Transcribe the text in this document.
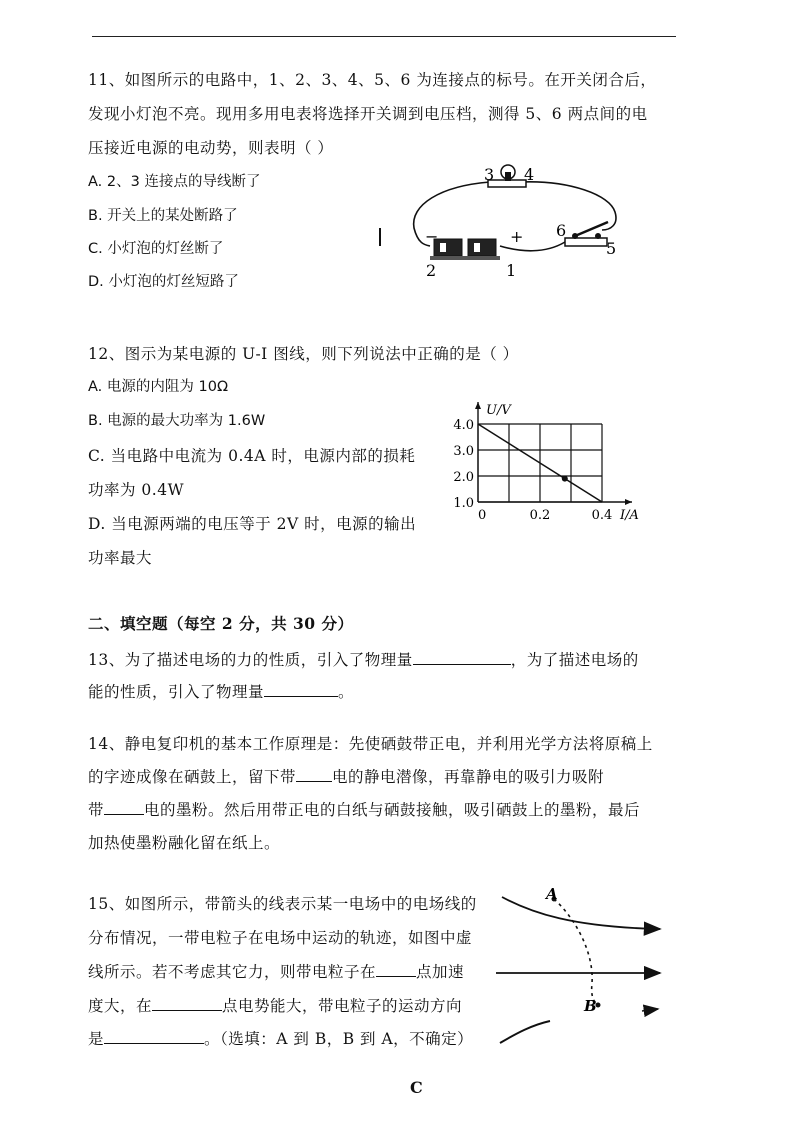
11、如图所示的电路中，1、2、3、4、5、6 为连接点的标号。在开关闭合后，
发现小灯泡不亮。现用多用电表将选择开关调到电压档，测得 5、6 两点间的电
压接近电源的电动势，则表明（ ）
A. 2、3 连接点的导线断了
B. 开关上的某处断路了
C. 小灯泡的灯丝断了
D. 小灯泡的灯丝短路了
3 4
6
5
2	1
−	+
12、图示为某电源的 U-I 图线，则下列说法中正确的是（ ）
A. 电源的内阻为 10Ω
B. 电源的最大功率为 1.6W
C. 当电路中电流为 0.4A 时，电源内部的损耗
功率为 0.4W
D. 当电源两端的电压等于 2V 时，电源的输出
功率最大
4.0
3.0
2.0
1.0
0	0.2	0.4 I/A
U/V
二、填空题（每空 2 分，共 30 分）
13、为了描述电场的力的性质，引入了物理量	，为了描述电场的
能的性质，引入了物理量	。
14、静电复印机的基本工作原理是：先使硒鼓带正电，并利用光学方法将原稿上
的字迹成像在硒鼓上，留下带 电的静电潜像，再靠静电的吸引力吸附
带	电的墨粉。然后用带正电的白纸与硒鼓接触，吸引硒鼓上的墨粉，最后
加热使墨粉融化留在纸上。
15、如图所示，带箭头的线表示某一电场中的电场线的
分布情况，一带电粒子在电场中运动的轨迹，如图中虚
线所示。若不考虑其它力，则带电粒子在	点加速
度大，在	点电势能大，带电粒子的运动方向
是	。（选填：A 到 B，B 到 A，不确定）
A
B
C
